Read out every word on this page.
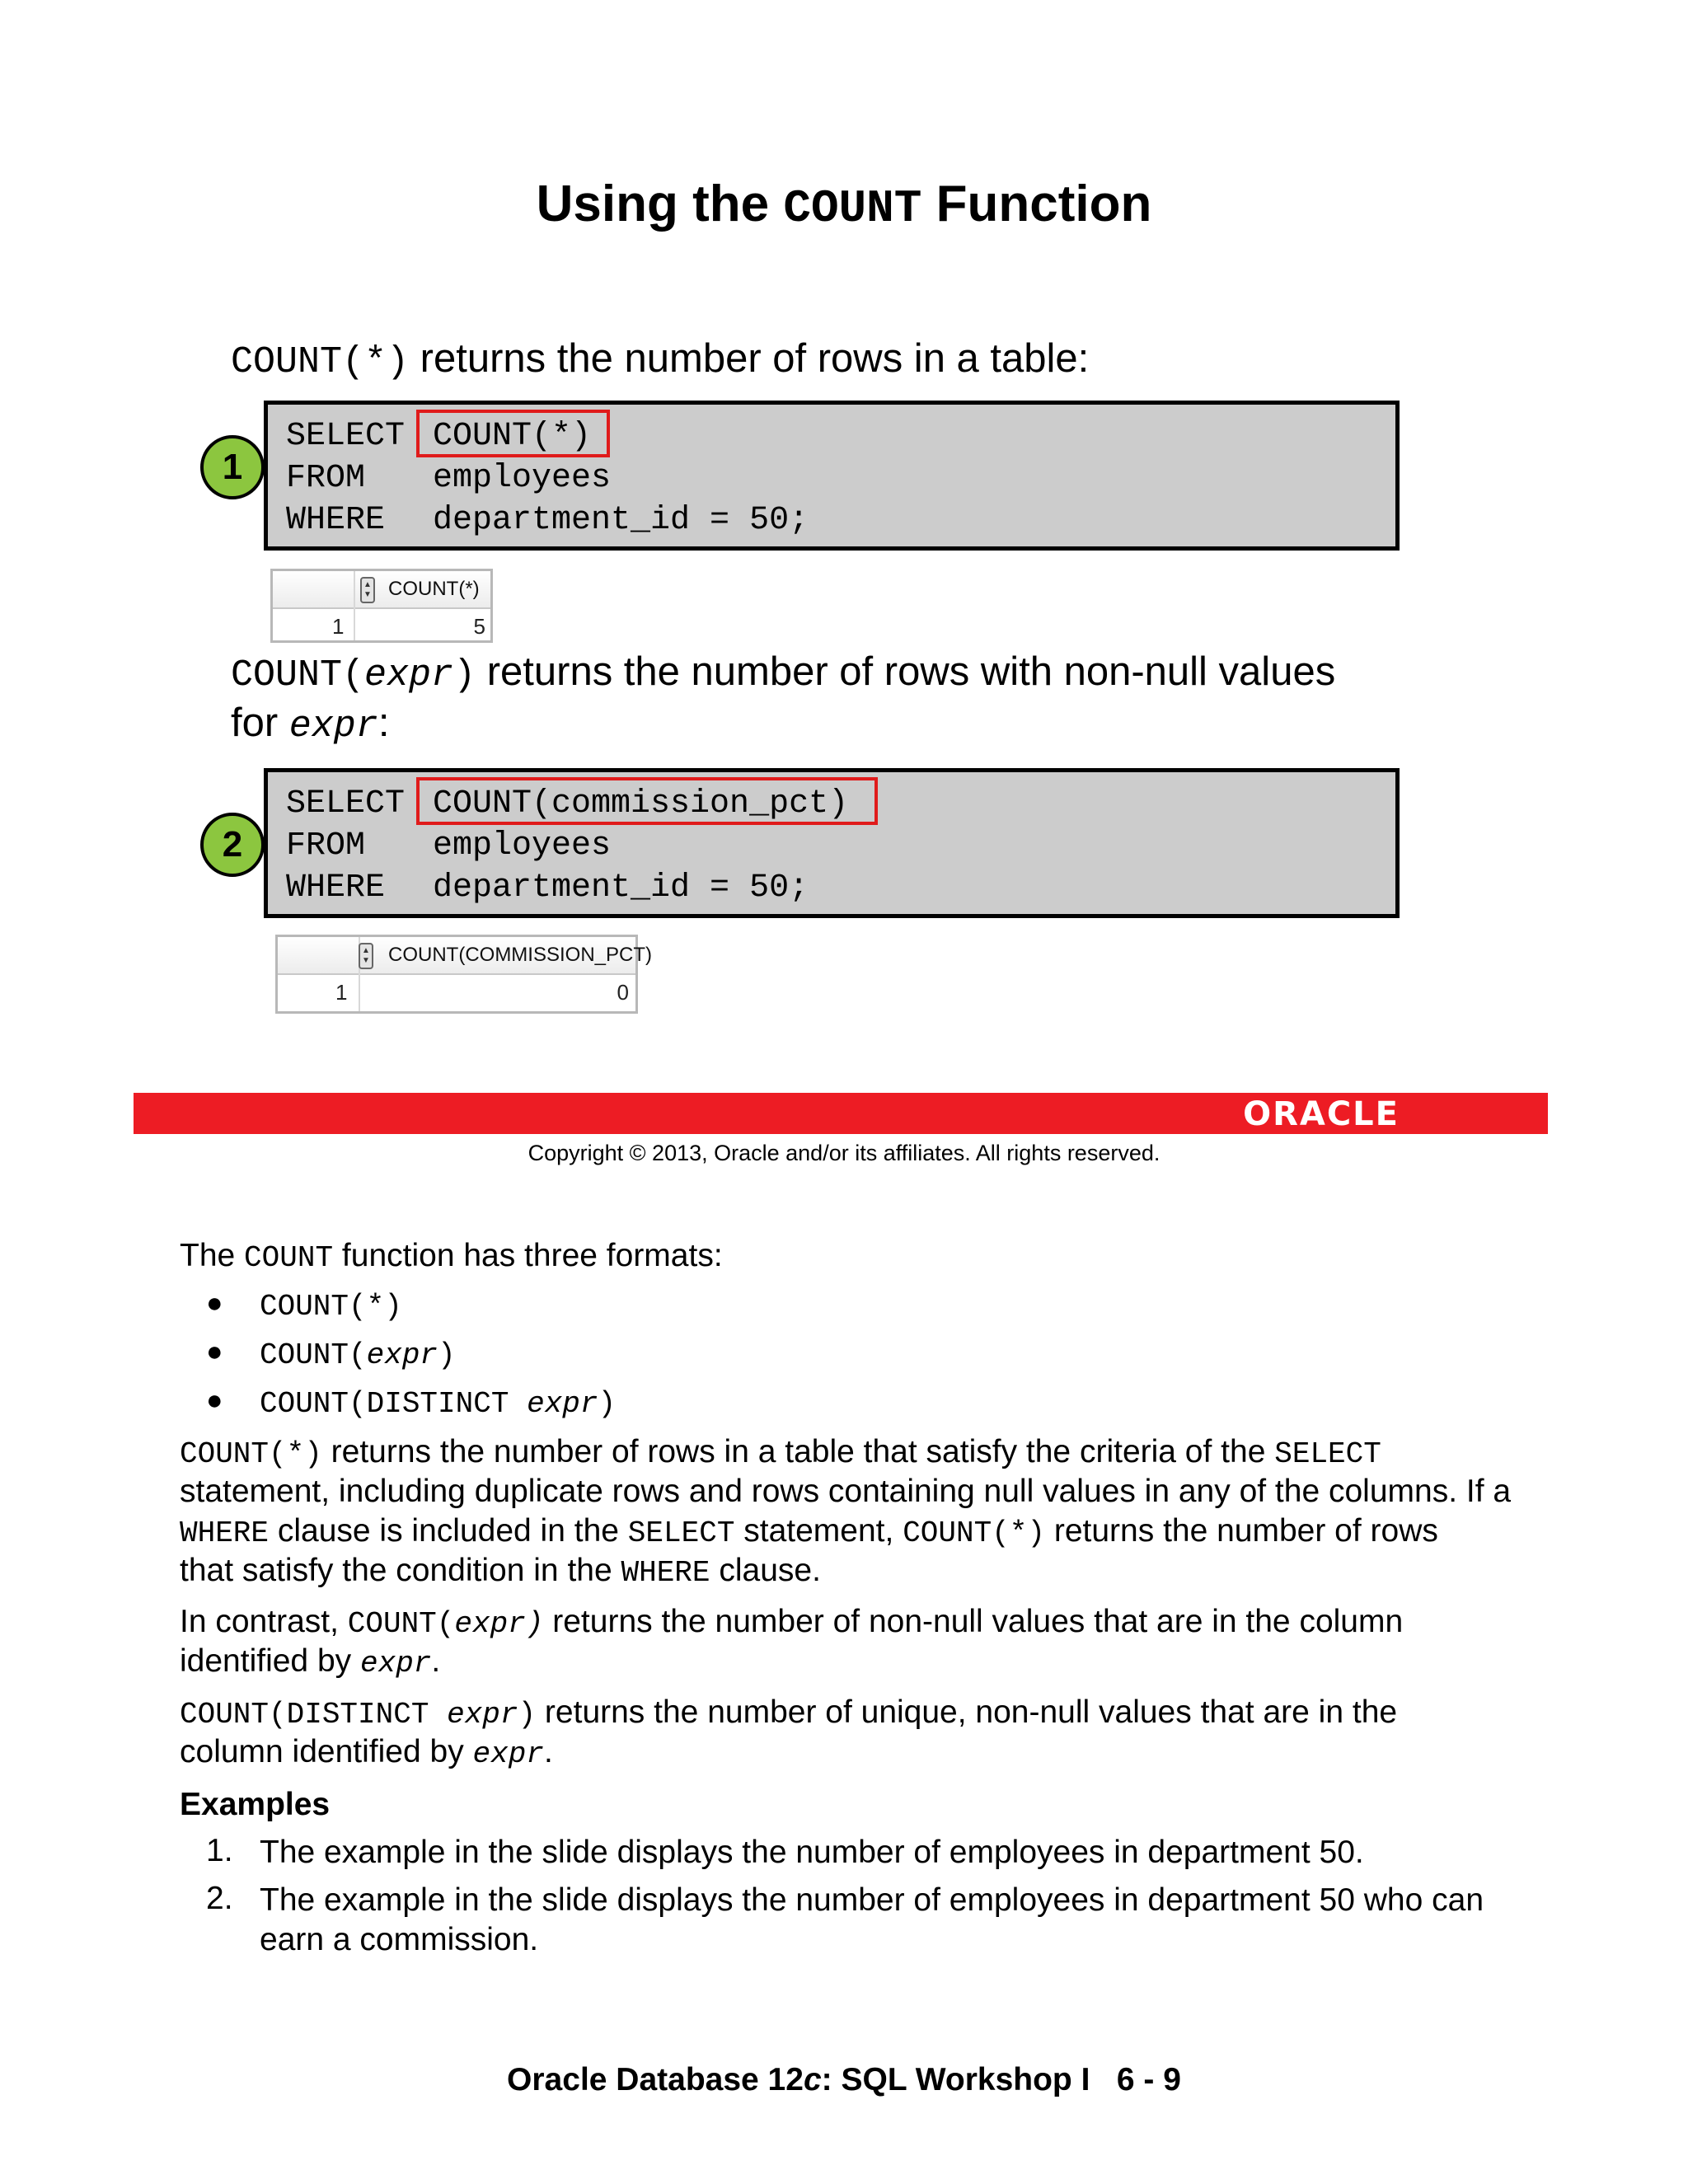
Using the COUNT Function
COUNT(*) returns the number of rows in a table:
1
SELECT COUNT(*)
FROM employees
WHERE department_id = 50;
▲
▼ COUNT(*)
1	5
COUNT(expr) returns the number of rows with non-null values
for expr:
2
SELECT COUNT(commission_pct)
FROM employees
WHERE department_id = 50;
▲
▼ COUNT(COMMISSION_PCT)
1	0
ORACLE
Copyright © 2013, Oracle and/or its affiliates. All rights reserved.
The COUNT function has three formats:
● COUNT(*)
● COUNT(expr)
● COUNT(DISTINCT expr)
COUNT(*) returns the number of rows in a table that satisfy the criteria of the SELECT
statement, including duplicate rows and rows containing null values in any of the columns. If a
WHERE clause is included in the SELECT statement, COUNT(*) returns the number of rows
that satisfy the condition in the WHERE clause.
In contrast, COUNT(expr) returns the number of non-null values that are in the column
identified by expr.
COUNT(DISTINCT expr) returns the number of unique, non-null values that are in the
column identified by expr.
Examples
1. The example in the slide displays the number of employees in department 50.
2. The example in the slide displays the number of employees in department 50 who can
earn a commission.
Oracle Database 12c: SQL Workshop I   6 - 9
